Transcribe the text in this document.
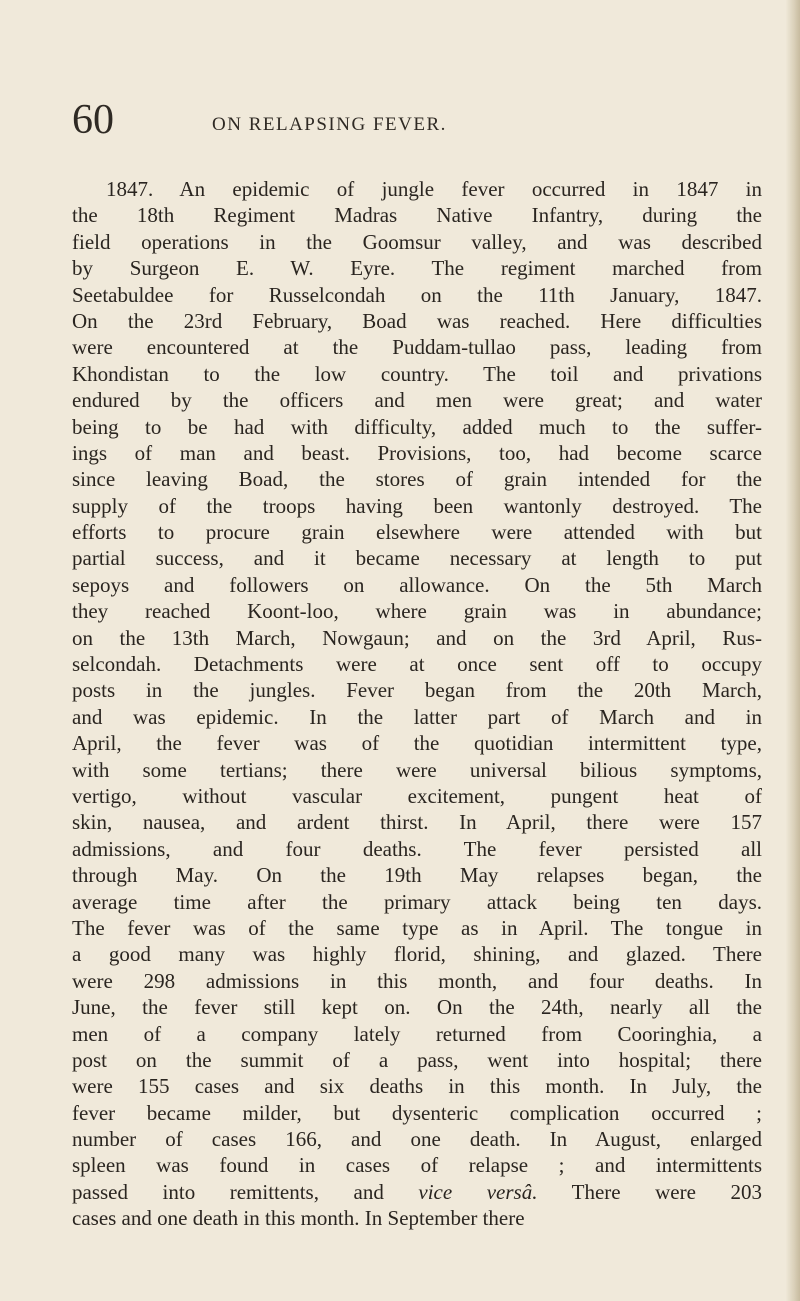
60	ON RELAPSING FEVER.
1847. An epidemic of jungle fever occurred in 1847 in
the 18th Regiment Madras Native Infantry, during the
field operations in the Goomsur valley, and was described
by Surgeon E. W. Eyre. The regiment marched from
Seetabuldee for Russelcondah on the 11th January, 1847.
On the 23rd February, Boad was reached. Here difficulties
were encountered at the Puddam-tullao pass, leading from
Khondistan to the low country. The toil and privations
endured by the officers and men were great; and water
being to be had with difficulty, added much to the suffer-
ings of man and beast. Provisions, too, had become scarce
since leaving Boad, the stores of grain intended for the
supply of the troops having been wantonly destroyed. The
efforts to procure grain elsewhere were attended with but
partial success, and it became necessary at length to put
sepoys and followers on allowance. On the 5th March
they reached Koont-loo, where grain was in abundance;
on the 13th March, Nowgaun; and on the 3rd April, Rus-
selcondah. Detachments were at once sent off to occupy
posts in the jungles. Fever began from the 20th March,
and was epidemic. In the latter part of March and in
April, the fever was of the quotidian intermittent type,
with some tertians; there were universal bilious symptoms,
vertigo, without vascular excitement, pungent heat of
skin, nausea, and ardent thirst. In April, there were 157
admissions, and four deaths. The fever persisted all
through May. On the 19th May relapses began, the
average time after the primary attack being ten days.
The fever was of the same type as in April. The tongue in
a good many was highly florid, shining, and glazed. There
were 298 admissions in this month, and four deaths. In
June, the fever still kept on. On the 24th, nearly all the
men of a company lately returned from Cooringhia, a
post on the summit of a pass, went into hospital; there
were 155 cases and six deaths in this month. In July, the
fever became milder, but dysenteric complication occurred ;
number of cases 166, and one death. In August, enlarged
spleen was found in cases of relapse ; and intermittents
passed into remittents, and vice versâ. There were 203
cases and one death in this month. In September there
